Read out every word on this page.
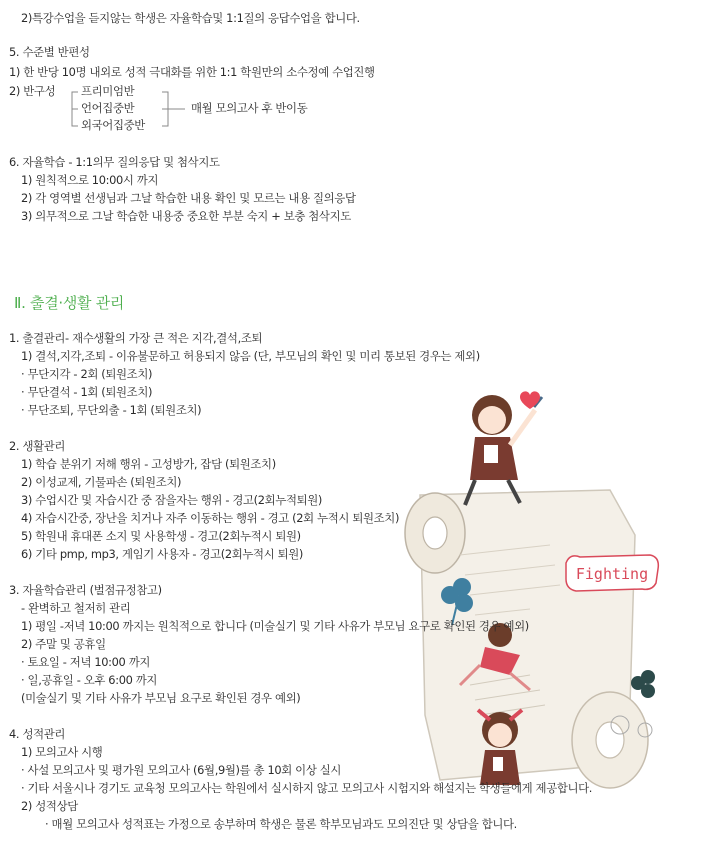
2)특강수업을 듣지않는 학생은 자율학습및 1:1질의 응답수업을 합니다.
5. 수준별 반편성
1) 한 반당 10명 내외로 성적 극대화를 위한 1:1 학원만의 소수정예 수업진행
2) 반구성 프리미엄반
언어집중반
외국어집중반
매월 모의고사 후 반이동
6. 자율학습 - 1:1의무 질의응답 및 첨삭지도
1) 원칙적으로 10:00시 까지
2) 각 영역별 선생님과 그날 학습한 내용 확인 및 모르는 내용 질의응답
3) 의무적으로 그날 학습한 내용중 중요한 부분 숙지 + 보충 첨삭지도
Ⅱ. 출결·생활 관리
Fighting
1. 출결관리- 재수생활의 가장 큰 적은 지각,결석,조퇴
1) 결석,지각,조퇴 - 이유불문하고 허용되지 않음 (단, 부모님의 확인 및 미리 통보된 경우는 제외)
· 무단지각 - 2회 (퇴원조치)
· 무단결석 - 1회 (퇴원조치)
· 무단조퇴, 무단외출 - 1회 (퇴원조치)
2. 생활관리
1) 학습 분위기 저해 행위 - 고성방가, 잡담 (퇴원조치)
2) 이성교제, 기물파손 (퇴원조치)
3) 수업시간 및 자습시간 중 잠을자는 행위 - 경고(2회누적퇴원)
4) 자습시간중, 장난을 치거나 자주 이동하는 행위 - 경고 (2회 누적시 퇴원조치)
5) 학원내 휴대폰 소지 및 사용학생 - 경고(2회누적시 퇴원)
6) 기타 pmp, mp3, 게임기 사용자 - 경고(2회누적시 퇴원)
3. 자율학습관리 (벌점규정참고)
- 완벽하고 철저히 관리
1) 평일 -저녁 10:00 까지는 원칙적으로 합니다 (미술실기 및 기타 사유가 부모님 요구로 확인된 경우 예외)
2) 주말 및 공휴일
· 토요일 - 저녁 10:00 까지
· 일,공휴일 - 오후 6:00 까지
(미술실기 및 기타 사유가 부모님 요구로 확인된 경우 예외)
4. 성적관리
1) 모의고사 시행
· 사설 모의고사 및 평가원 모의고사 (6월,9월)를 총 10회 이상 실시
· 기타 서울시나 경기도 교육청 모의고사는 학원에서 실시하지 않고 모의고사 시험지와 해설지는 학생들에게 제공합니다.
2) 성적상담
· 매월 모의고사 성적표는 가정으로 송부하며 학생은 물론 학부모님과도 모의진단 및 상담을 합니다.
